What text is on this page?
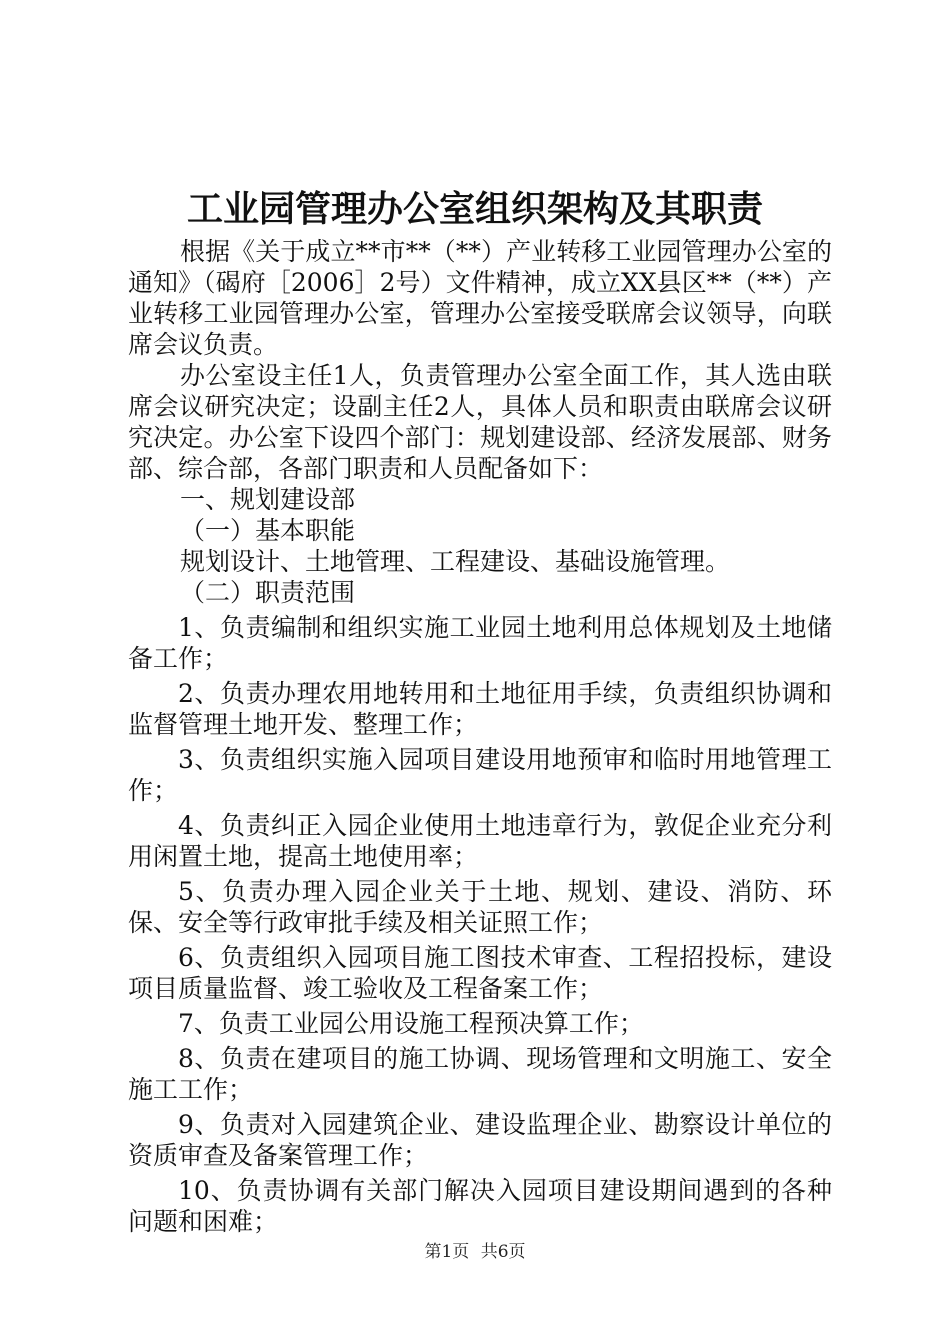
工业园管理办公室组织架构及其职责

根据《关于成立**市**（**）产业转移工业园管理办公室的通知》（碣府［2006］2号）文件精神，成立XX县区**（**）产业转移工业园管理办公室，管理办公室接受联席会议领导，向联席会议负责。

办公室设主任1人，负责管理办公室全面工作，其人选由联席会议研究决定；设副主任2人，具体人员和职责由联席会议研究决定。办公室下设四个部门：规划建设部、经济发展部、财务部、综合部，各部门职责和人员配备如下：

一、规划建设部

（一）基本职能

规划设计、土地管理、工程建设、基础设施管理。

（二）职责范围

1、负责编制和组织实施工业园土地利用总体规划及土地储备工作；

2、负责办理农用地转用和土地征用手续，负责组织协调和监督管理土地开发、整理工作；

3、负责组织实施入园项目建设用地预审和临时用地管理工作；

4、负责纠正入园企业使用土地违章行为，敦促企业充分利用闲置土地，提高土地使用率；

5、负责办理入园企业关于土地、规划、建设、消防、环保、安全等行政审批手续及相关证照工作；

6、负责组织入园项目施工图技术审查、工程招投标，建设项目质量监督、竣工验收及工程备案工作；

7、负责工业园公用设施工程预决算工作；

8、负责在建项目的施工协调、现场管理和文明施工、安全施工工作；

9、负责对入园建筑企业、建设监理企业、勘察设计单位的资质审查及备案管理工作；

10、负责协调有关部门解决入园项目建设期间遇到的各种问题和困难；

第1页 共6页
